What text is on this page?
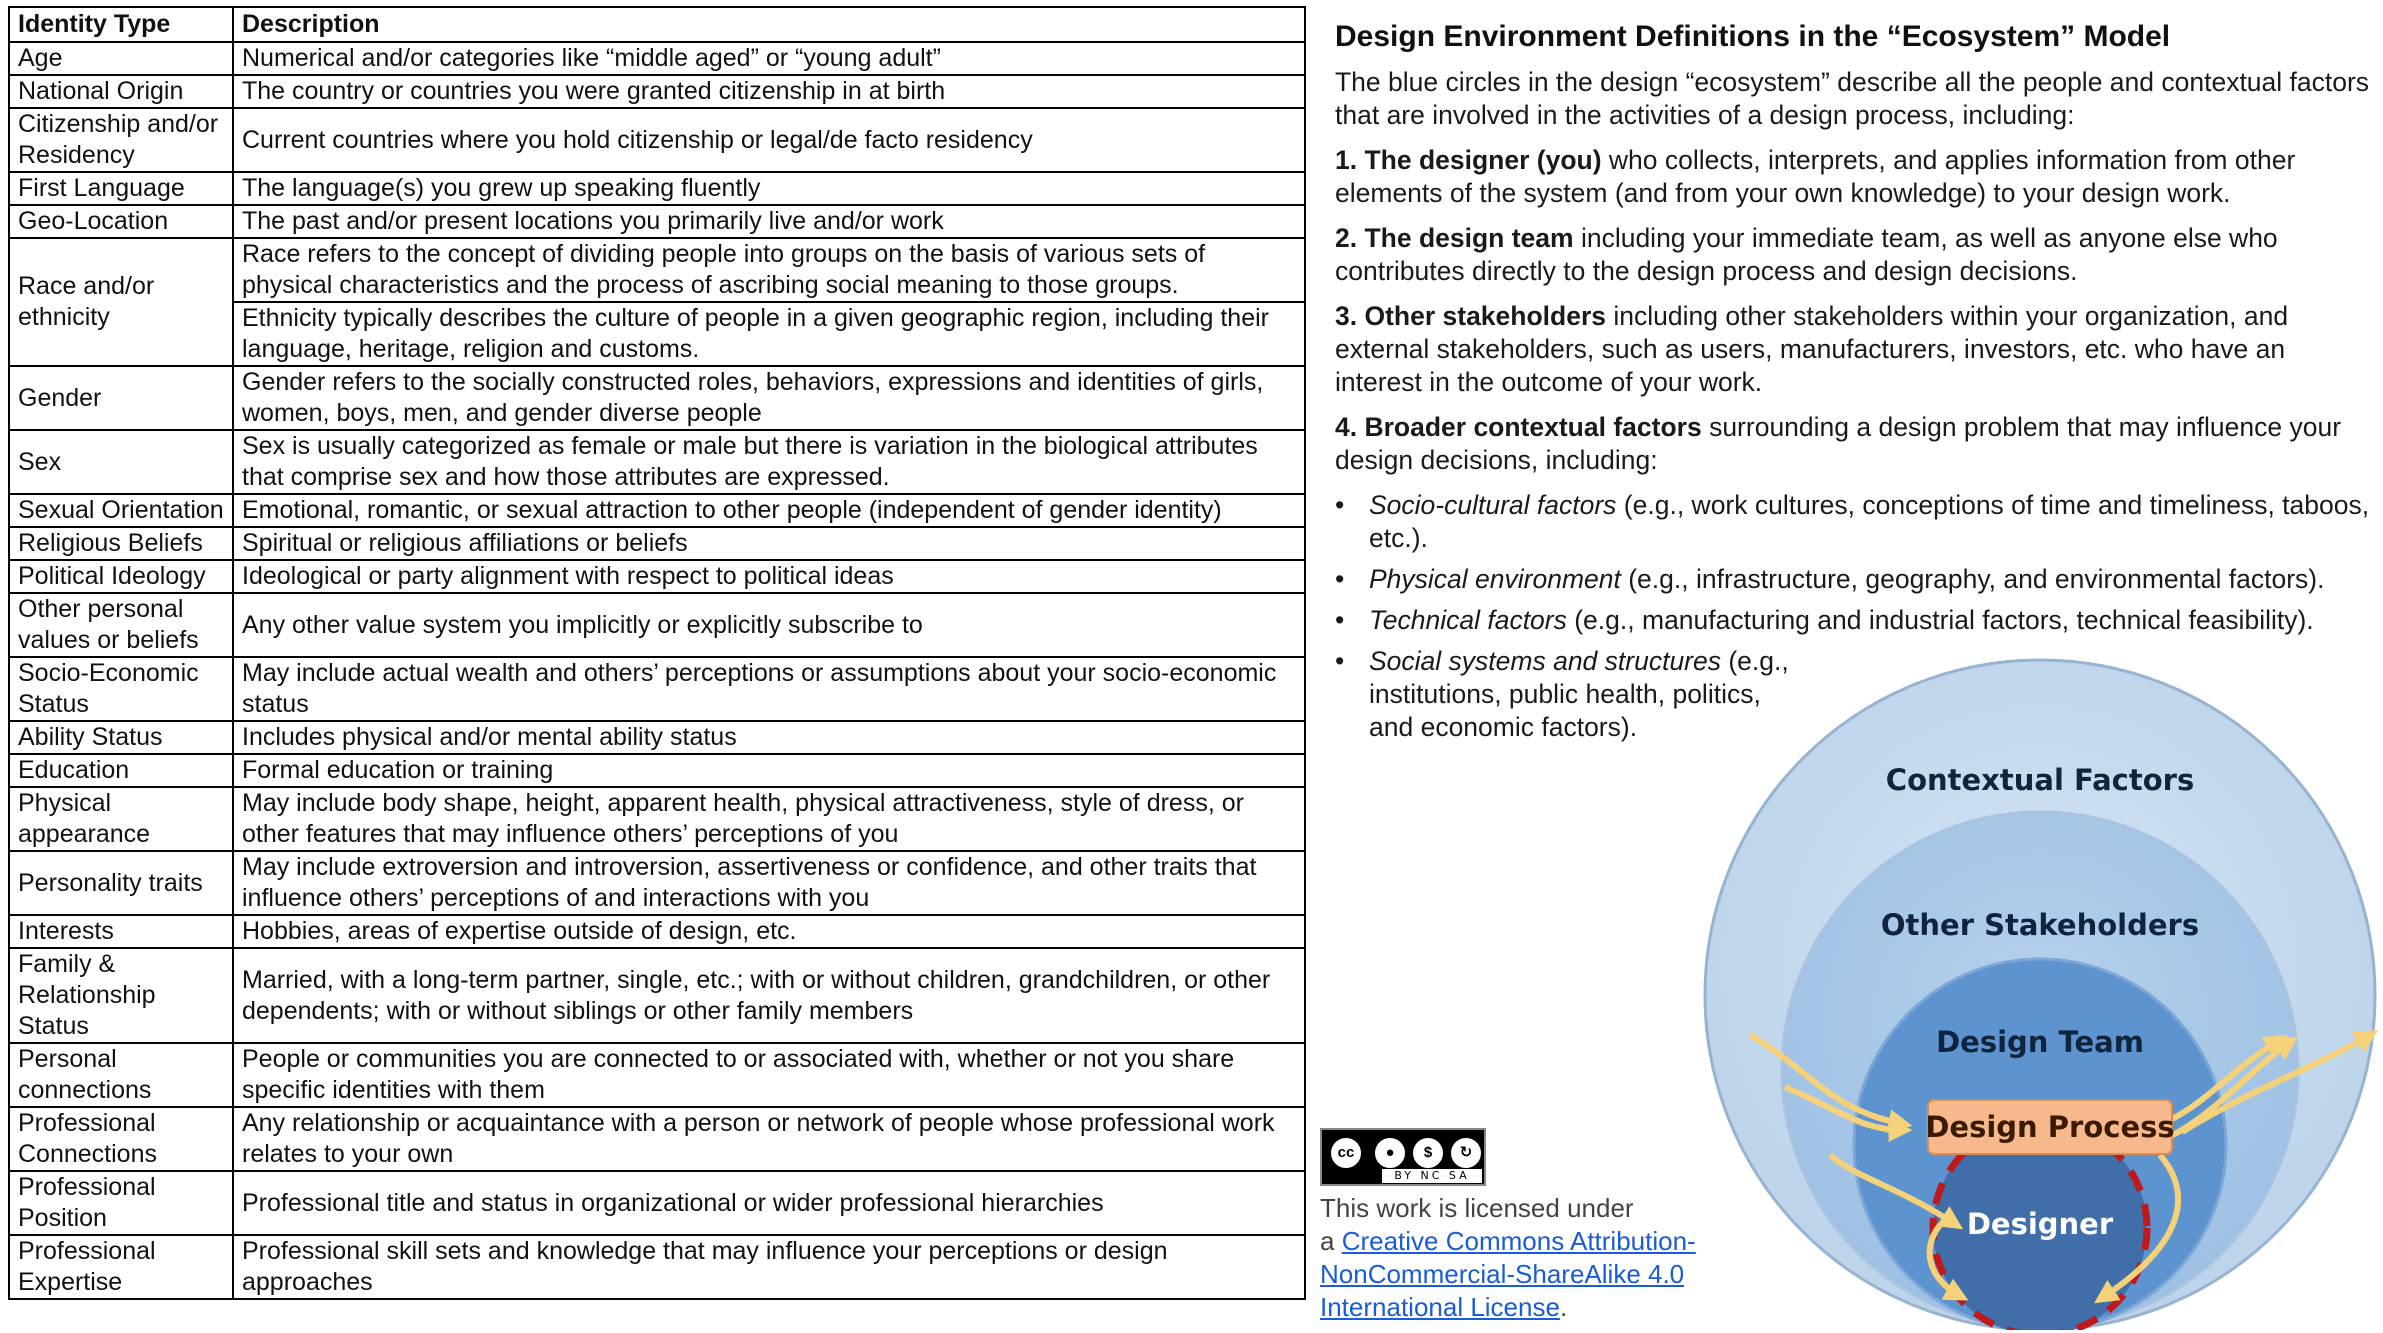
Identity Type	Description
Age	Numerical and/or categories like “middle aged” or “young adult”
National Origin	The country or countries you were granted citizenship in at birth
Citizenship and/or Residency	Current countries where you hold citizenship or legal/de facto residency
First Language	The language(s) you grew up speaking fluently
Geo-Location	The past and/or present locations you primarily live and/or work
Race and/or ethnicity	Race refers to the concept of dividing people into groups on the basis of various sets of physical characteristics and the process of ascribing social meaning to those groups.
	Ethnicity typically describes the culture of people in a given geographic region, including their language, heritage, religion and customs.
Gender	Gender refers to the socially constructed roles, behaviors, expressions and identities of girls, women, boys, men, and gender diverse people
Sex	Sex is usually categorized as female or male but there is variation in the biological attributes that comprise sex and how those attributes are expressed.
Sexual Orientation	Emotional, romantic, or sexual attraction to other people (independent of gender identity)
Religious Beliefs	Spiritual or religious affiliations or beliefs
Political Ideology	Ideological or party alignment with respect to political ideas
Other personal values or beliefs	Any other value system you implicitly or explicitly subscribe to
Socio-Economic Status	May include actual wealth and others’ perceptions or assumptions about your socio-economic status
Ability Status	Includes physical and/or mental ability status
Education	Formal education or training
Physical appearance	May include body shape, height, apparent health, physical attractiveness, style of dress, or other features that may influence others’ perceptions of you
Personality traits	May include extroversion and introversion, assertiveness or confidence, and other traits that influence others’ perceptions of and interactions with you
Interests	Hobbies, areas of expertise outside of design, etc.
Family & Relationship Status	Married, with a long-term partner, single, etc.; with or without children, grandchildren, or other dependents; with or without siblings or other family members
Personal connections	People or communities you are connected to or associated with, whether or not you share specific identities with them
Professional Connections	Any relationship or acquaintance with a person or network of people whose professional work relates to your own
Professional Position	Professional title and status in organizational or wider professional hierarchies
Professional Expertise	Professional skill sets and knowledge that may influence your perceptions or design approaches
Design Environment Definitions in the “Ecosystem” Model

The blue circles in the design “ecosystem” describe all the people and contextual factors that are involved in the activities of a design process, including:

1. The designer (you) who collects, interprets, and applies information from other elements of the system (and from your own knowledge) to your design work.

2. The design team including your immediate team, as well as anyone else who contributes directly to the design process and design decisions.

3. Other stakeholders including other stakeholders within your organization, and external stakeholders, such as users, manufacturers, investors, etc. who have an interest in the outcome of your work.

4. Broader contextual factors surrounding a design problem that may influence your design decisions, including:

• Socio-cultural factors (e.g., work cultures, conceptions of time and timeliness, taboos, etc.).
• Physical environment (e.g., infrastructure, geography, and environmental factors).
• Technical factors (e.g., manufacturing and industrial factors, technical feasibility).
• Social systems and structures (e.g., institutions, public health, politics, and economic factors).
Contextual Factors
Other Stakeholders
Design Team
Design Process
Designer
cc	●	$	↻
BY NC SA
This work is licensed under
a Creative Commons Attribution-NonCommercial-ShareAlike 4.0 International License.
